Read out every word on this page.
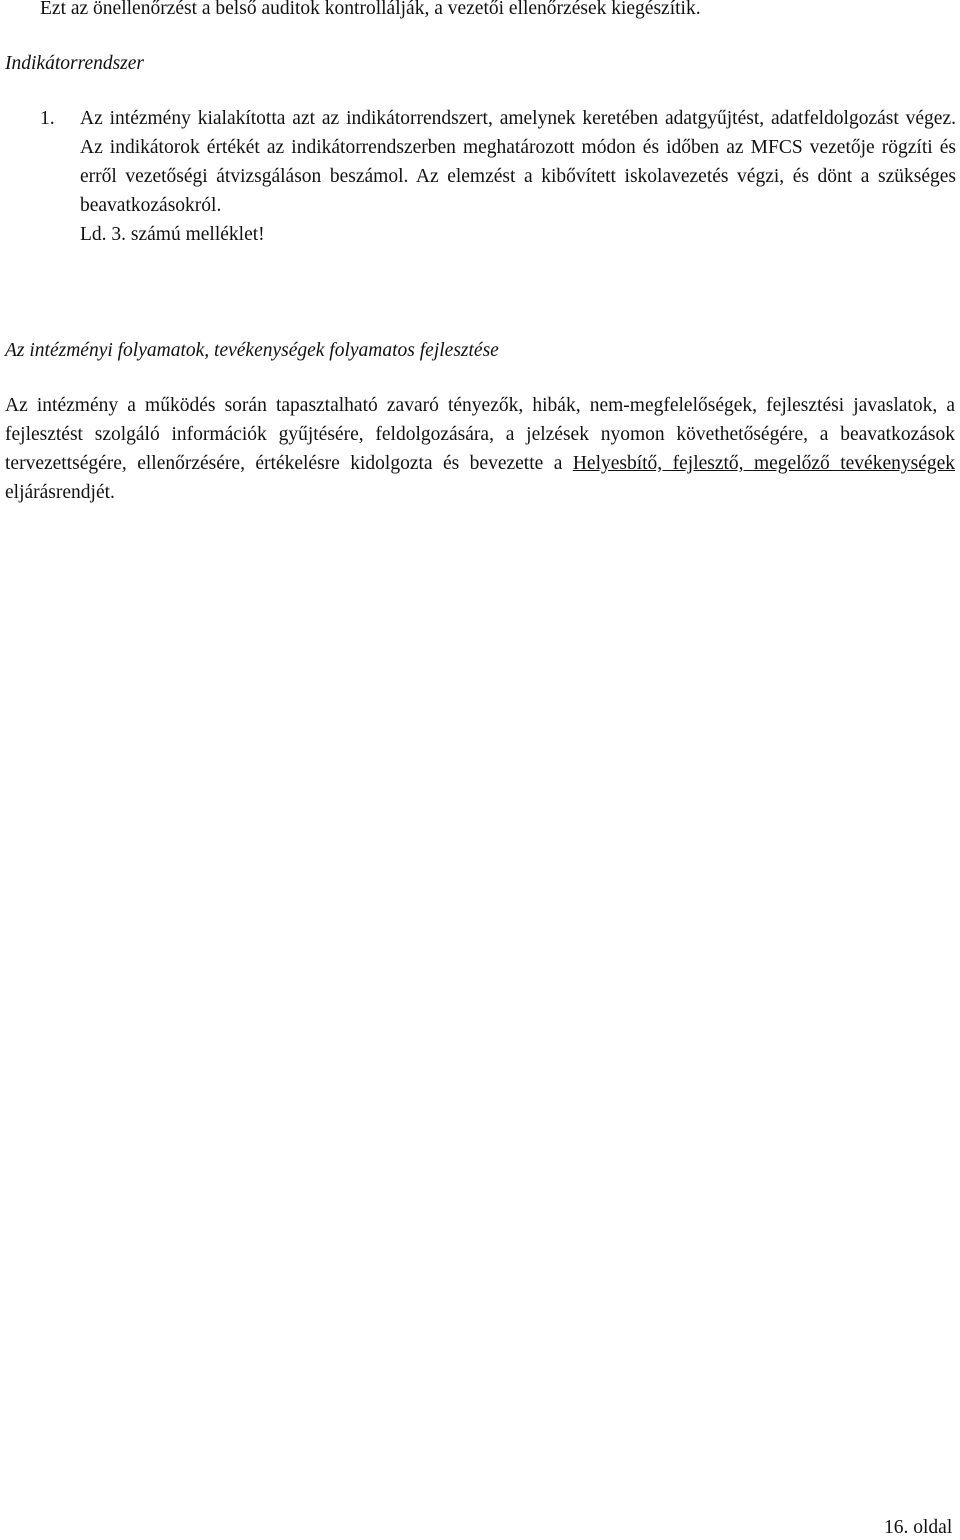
Ezt az önellenőrzést a belső auditok kontrollálják, a vezetői ellenőrzések kiegészítik.
Indikátorrendszer
1. Az intézmény kialakította azt az indikátorrendszert, amelynek keretében adatgyűjtést, adatfeldolgozást végez. Az indikátorok értékét az indikátorrendszerben meghatározott módon és időben az MFCS vezetője rögzíti és erről vezetőségi átvizsgáláson beszámol. Az elemzést a kibővített iskolavezetés végzi, és dönt a szükséges beavatkozásokról.
Ld. 3. számú melléklet!
Az intézményi folyamatok, tevékenységek folyamatos fejlesztése
Az intézmény a működés során tapasztalható zavaró tényezők, hibák, nem-megfelelőségek, fejlesztési javaslatok, a fejlesztést szolgáló információk gyűjtésére, feldolgozására, a jelzések nyomon követhetőségére, a beavatkozások tervezettségére, ellenőrzésére, értékelésre kidolgozta és bevezette a Helyesbítő, fejlesztő, megelőző tevékenységek eljárásrendjét.
16. oldal
